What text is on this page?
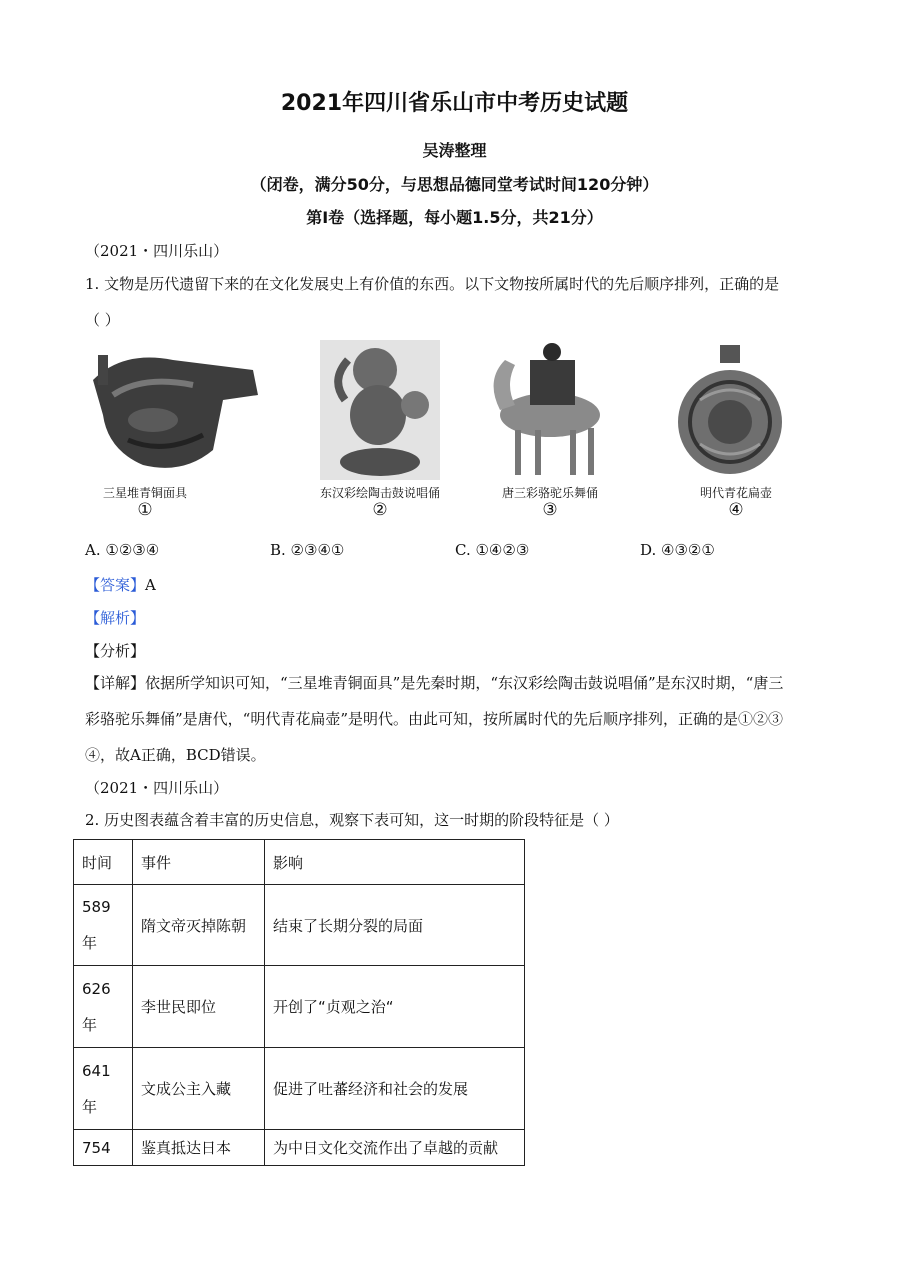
2021年四川省乐山市中考历史试题
吴涛整理
（闭卷，满分50分，与思想品德同堂考试时间120分钟）
第I卷（选择题，每小题1.5分，共21分）
（2021・四川乐山）
1. 文物是历代遗留下来的在文化发展史上有价值的东西。以下文物按所属时代的先后顺序排列，正确的是
（ ）
三星堆青铜面具	东汉彩绘陶击鼓说唱俑	唐三彩骆驼乐舞俑	明代青花扁壶
①	②	③	④
A. ①②③④	B. ②③④①	C. ①④②③	D. ④③②①
【答案】A
【解析】
【分析】
【详解】依据所学知识可知，“三星堆青铜面具”是先秦时期，“东汉彩绘陶击鼓说唱俑”是东汉时期，“唐三
彩骆驼乐舞俑”是唐代，“明代青花扁壶”是明代。由此可知，按所属时代的先后顺序排列，正确的是①②③
④，故A正确，BCD错误。
（2021・四川乐山）
2. 历史图表蕴含着丰富的历史信息，观察下表可知，这一时期的阶段特征是（ ）
时间	事件	影响
589
年	隋文帝灭掉陈朝	结束了长期分裂的局面
626
年	李世民即位	开创了“贞观之治“
641
年	文成公主入藏	促进了吐蕃经济和社会的发展
754	鉴真抵达日本	为中日文化交流作出了卓越的贡献
